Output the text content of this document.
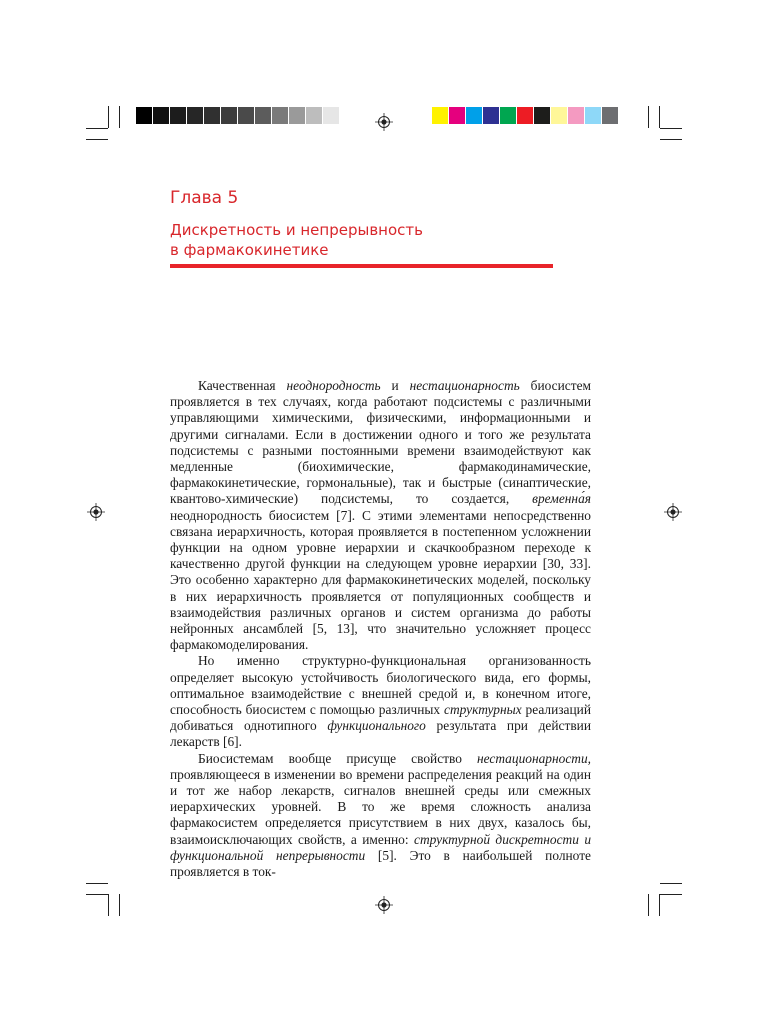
Глава 5
Дискретность и непрерывность
в фармакокинетике

Качественная неоднородность и нестационарность биосистем проявляется в тех случаях, когда работают подсистемы с различными управляющими химическими, физическими, информационными и другими сигналами. Если в достижении одного и того же результата подсистемы с разными постоянными времени взаимодействуют как медленные (биохимические, фармакодинамические, фармакокинетические, гормональные), так и быстрые (синаптические, квантово-химические) подсистемы, то создается, временна́я неоднородность биосистем [7]. С этими элементами непосредственно связана иерархичность, которая проявляется в постепенном усложнении функции на одном уровне иерархии и скачкообразном переходе к качественно другой функции на следующем уровне иерархии [30, 33]. Это особенно характерно для фармакокинетических моделей, поскольку в них иерархичность проявляется от популяционных сообществ и взаимодействия различных органов и систем организма до работы нейронных ансамблей [5, 13], что значительно усложняет процесс фармакомоделирования.

Но именно структурно-функциональная организованность определяет высокую устойчивость биологического вида, его формы, оптимальное взаимодействие с внешней средой и, в конечном итоге, способность биосистем с помощью различных структурных реализаций добиваться однотипного функционального результата при действии лекарств [6].

Биосистемам вообще присуще свойство нестационарности, проявляющееся в изменении во времени распределения реакций на один и тот же набор лекарств, сигналов внешней среды или смежных иерархических уровней. В то же время сложность анализа фармакосистем определяется присутствием в них двух, казалось бы, взаимоисключающих свойств, а именно: структурной дискретности и функциональной непрерывности [5]. Это в наибольшей полноте проявляется в ток-
